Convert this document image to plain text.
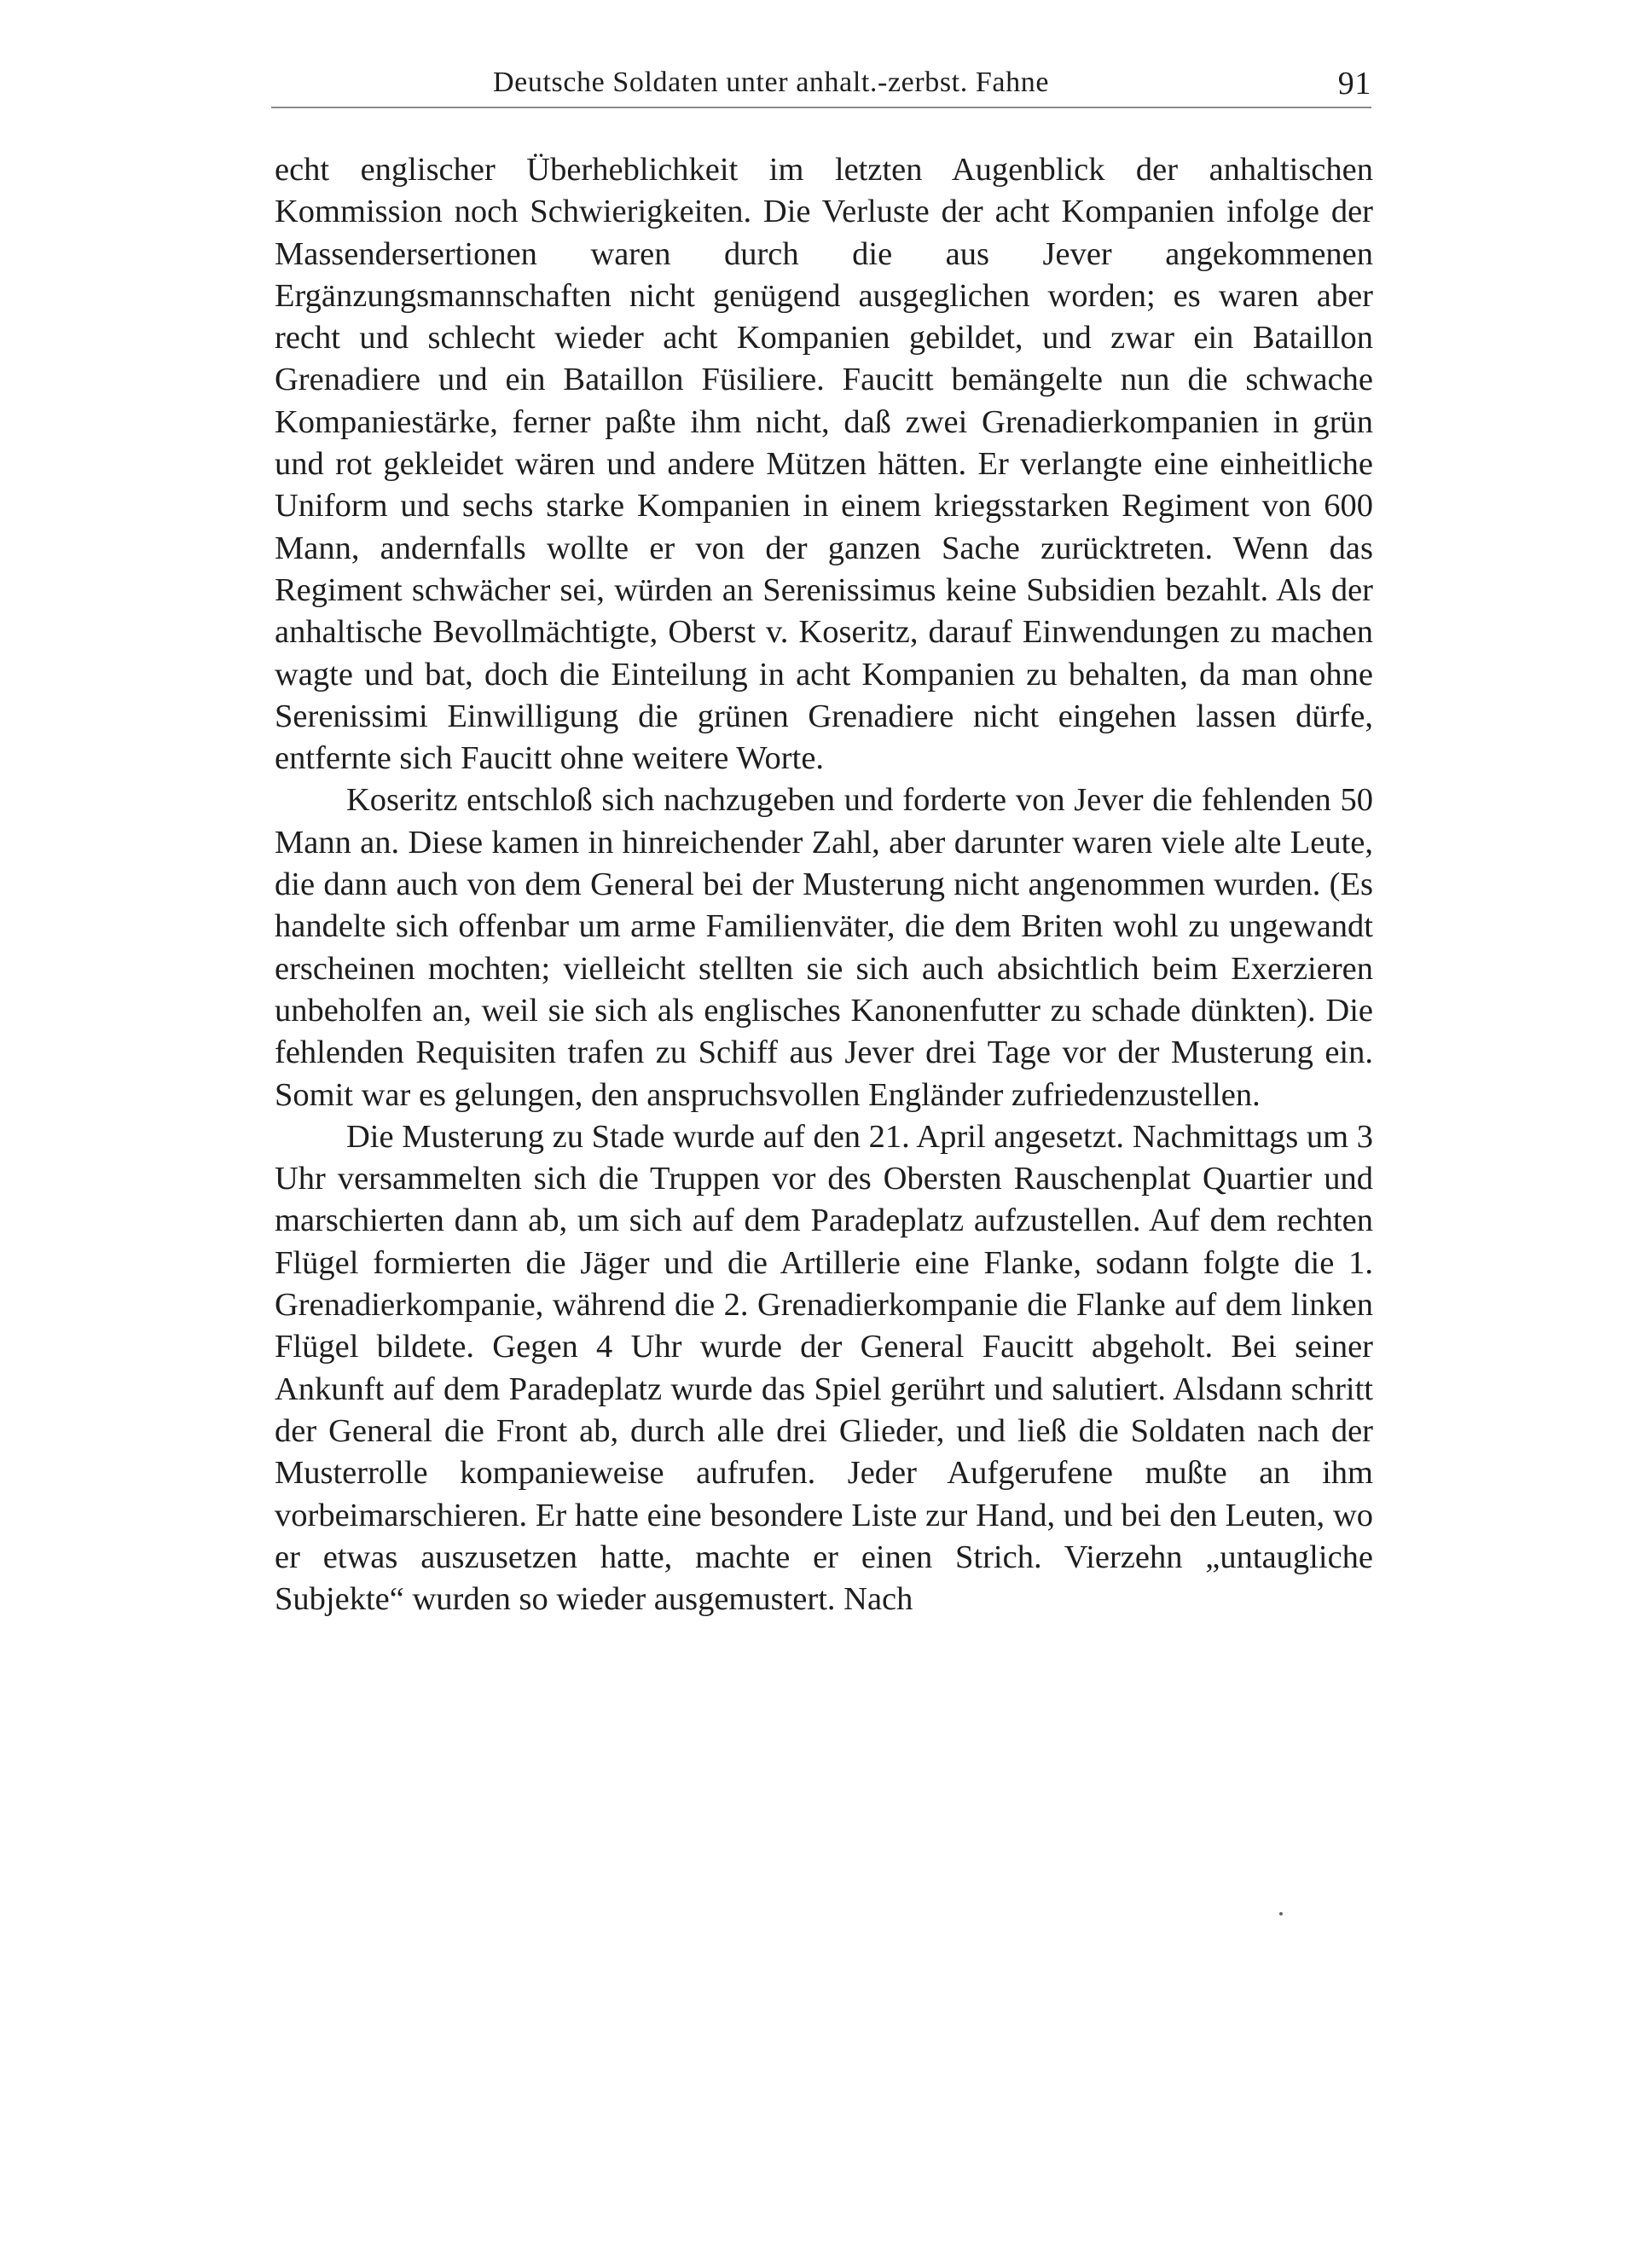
Deutsche Soldaten unter anhalt.-zerbst. Fahne	91

echt englischer Überheblichkeit im letzten Augenblick der anhaltischen Kommission noch Schwierigkeiten. Die Verluste der acht Kompanien infolge der Massendersertionen waren durch die aus Jever angekommenen Ergänzungsmannschaften nicht genügend ausgeglichen worden; es waren aber recht und schlecht wieder acht Kompanien gebildet, und zwar ein Bataillon Grenadiere und ein Bataillon Füsiliere. Faucitt bemängelte nun die schwache Kompaniestärke, ferner paßte ihm nicht, daß zwei Grenadierkompanien in grün und rot gekleidet wären und andere Mützen hätten. Er verlangte eine einheitliche Uniform und sechs starke Kompanien in einem kriegsstarken Regiment von 600 Mann, andernfalls wollte er von der ganzen Sache zurücktreten. Wenn das Regiment schwächer sei, würden an Serenissimus keine Subsidien bezahlt. Als der anhaltische Bevollmächtigte, Oberst v. Koseritz, darauf Einwendungen zu machen wagte und bat, doch die Einteilung in acht Kompanien zu behalten, da man ohne Serenissimi Einwilligung die grünen Grenadiere nicht eingehen lassen dürfe, entfernte sich Faucitt ohne weitere Worte.

Koseritz entschloß sich nachzugeben und forderte von Jever die fehlenden 50 Mann an. Diese kamen in hinreichender Zahl, aber darunter waren viele alte Leute, die dann auch von dem General bei der Musterung nicht angenommen wurden. (Es handelte sich offenbar um arme Familienväter, die dem Briten wohl zu ungewandt erscheinen mochten; vielleicht stellten sie sich auch absichtlich beim Exerzieren unbeholfen an, weil sie sich als englisches Kanonenfutter zu schade dünkten). Die fehlenden Requisiten trafen zu Schiff aus Jever drei Tage vor der Musterung ein. Somit war es gelungen, den anspruchsvollen Engländer zufriedenzustellen.

Die Musterung zu Stade wurde auf den 21. April angesetzt. Nachmittags um 3 Uhr versammelten sich die Truppen vor des Obersten Rauschenplat Quartier und marschierten dann ab, um sich auf dem Paradeplatz aufzustellen. Auf dem rechten Flügel formierten die Jäger und die Artillerie eine Flanke, sodann folgte die 1. Grenadierkompanie, während die 2. Grenadierkompanie die Flanke auf dem linken Flügel bildete. Gegen 4 Uhr wurde der General Faucitt abgeholt. Bei seiner Ankunft auf dem Paradeplatz wurde das Spiel gerührt und salutiert. Alsdann schritt der General die Front ab, durch alle drei Glieder, und ließ die Soldaten nach der Musterrolle kompanieweise aufrufen. Jeder Aufgerufene mußte an ihm vorbeimarschieren. Er hatte eine besondere Liste zur Hand, und bei den Leuten, wo er etwas auszusetzen hatte, machte er einen Strich. Vierzehn „untaugliche Subjekte“ wurden so wieder ausgemustert. Nach
